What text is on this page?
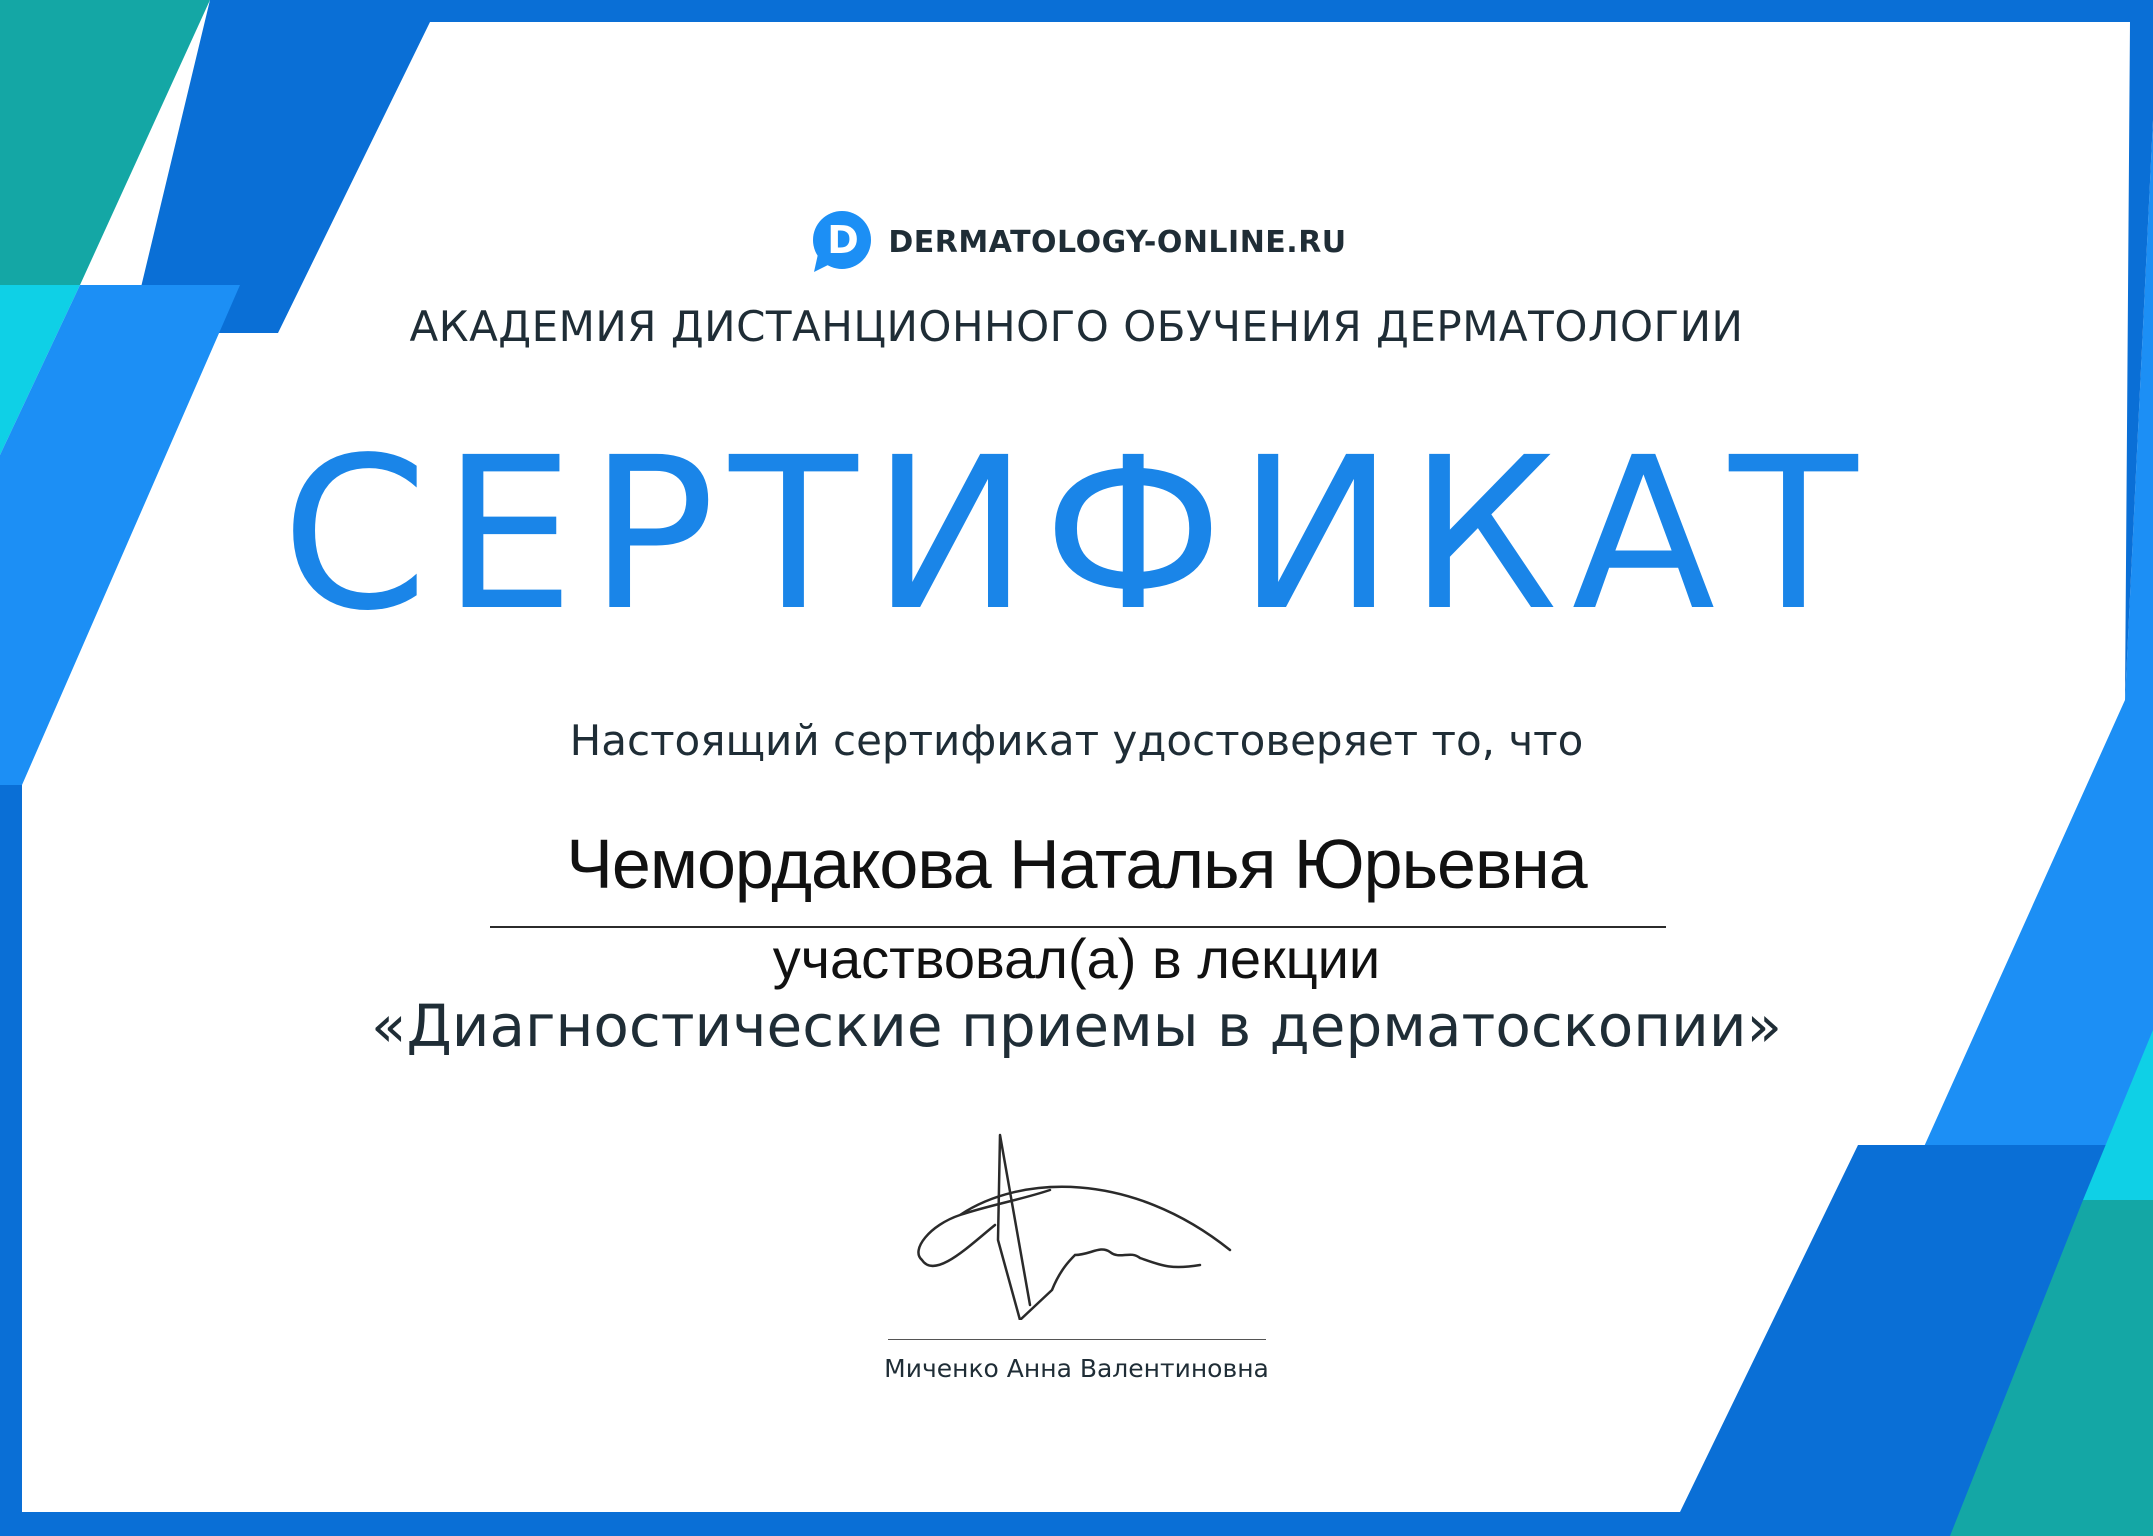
D DERMATOLOGY-ONLINE.RU
АКАДЕМИЯ ДИСТАНЦИОННОГО ОБУЧЕНИЯ ДЕРМАТОЛОГИИ
СЕРТИФИКАТ
Настоящий сертификат удостоверяет то, что
Чемордакова Наталья Юрьевна
участвовал(а) в лекции
«Диагностические приемы в дерматоскопии»
Миченко Анна Валентиновна
